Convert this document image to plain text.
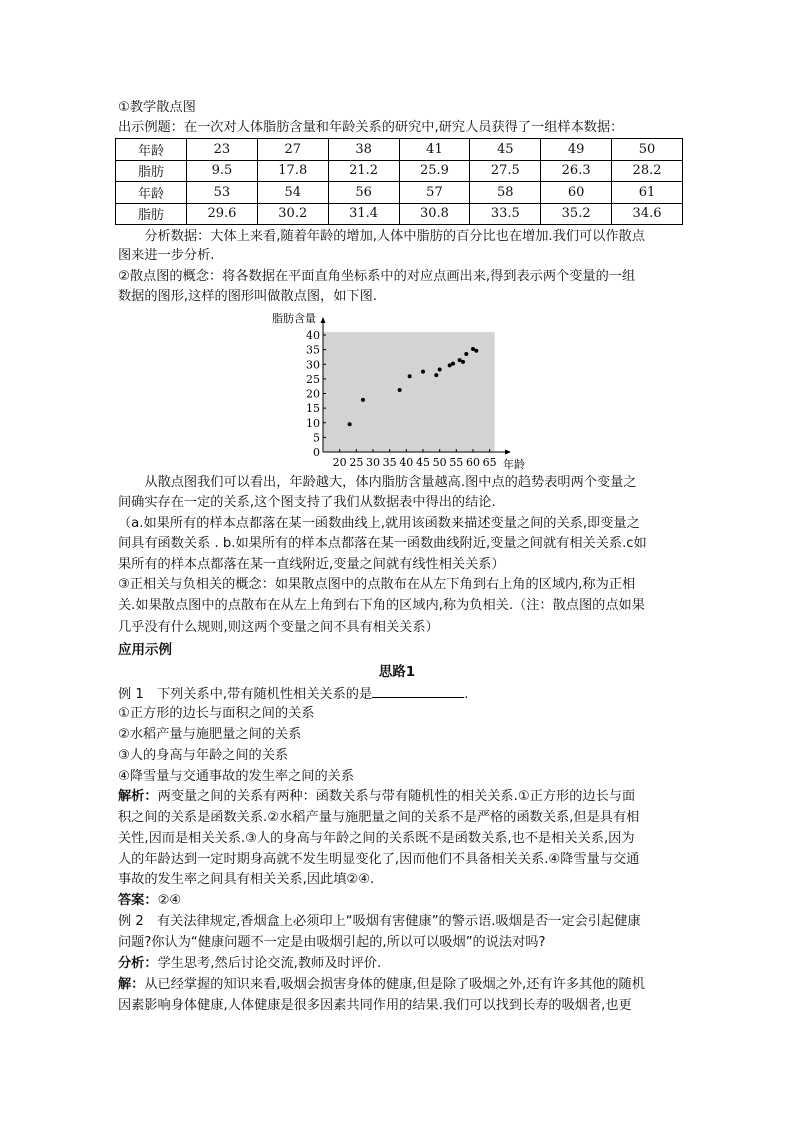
①教学散点图
出示例题：在一次对人体脂肪含量和年龄关系的研究中,研究人员获得了一组样本数据：
年龄	23	27	38	41	45	49	50
脂肪	9.5	17.8	21.2	25.9	27.5	26.3	28.2
年龄	53	54	56	57	58	60	61
脂肪	29.6	30.2	31.4	30.8	33.5	35.2	34.6
　　分析数据：大体上来看,随着年龄的增加,人体中脂肪的百分比也在增加.我们可以作散点
图来进一步分析.
②散点图的概念：将各数据在平面直角坐标系中的对应点画出来,得到表示两个变量的一组
数据的图形,这样的图形叫做散点图，如下图.
20 25 30 35 40 45 50 55 60 65
0
5
10
15
20
25
30
35
40
年龄
脂肪含量
　　从散点图我们可以看出，年龄越大，体内脂肪含量越高.图中点的趋势表明两个变量之
间确实存在一定的关系,这个图支持了我们从数据表中得出的结论.
（a.如果所有的样本点都落在某一函数曲线上,就用该函数来描述变量之间的关系,即变量之
间具有函数关系 . b.如果所有的样本点都落在某一函数曲线附近,变量之间就有相关关系.c如
果所有的样本点都落在某一直线附近,变量之间就有线性相关关系）
③正相关与负相关的概念：如果散点图中的点散布在从左下角到右上角的区域内,称为正相
关.如果散点图中的点散布在从左上角到右下角的区域内,称为负相关.（注：散点图的点如果
几乎没有什么规则,则这两个变量之间不具有相关关系）
应用示例
思路1
例 1　下列关系中,带有随机性相关关系的是	.
①正方形的边长与面积之间的关系
②水稻产量与施肥量之间的关系
③人的身高与年龄之间的关系
④降雪量与交通事故的发生率之间的关系
解析：两变量之间的关系有两种：函数关系与带有随机性的相关关系.①正方形的边长与面
积之间的关系是函数关系.②水稻产量与施肥量之间的关系不是严格的函数关系,但是具有相
关性,因而是相关关系.③人的身高与年龄之间的关系既不是函数关系,也不是相关关系,因为
人的年龄达到一定时期身高就不发生明显变化了,因而他们不具备相关关系.④降雪量与交通
事故的发生率之间具有相关关系,因此填②④.
答案：②④
例 2　有关法律规定,香烟盒上必须印上“吸烟有害健康”的警示语.吸烟是否一定会引起健康
问题?你认为“健康问题不一定是由吸烟引起的,所以可以吸烟”的说法对吗?
分析：学生思考,然后讨论交流,教师及时评价.
解：从已经掌握的知识来看,吸烟会损害身体的健康,但是除了吸烟之外,还有许多其他的随机
因素影响身体健康,人体健康是很多因素共同作用的结果.我们可以找到长寿的吸烟者,也更
